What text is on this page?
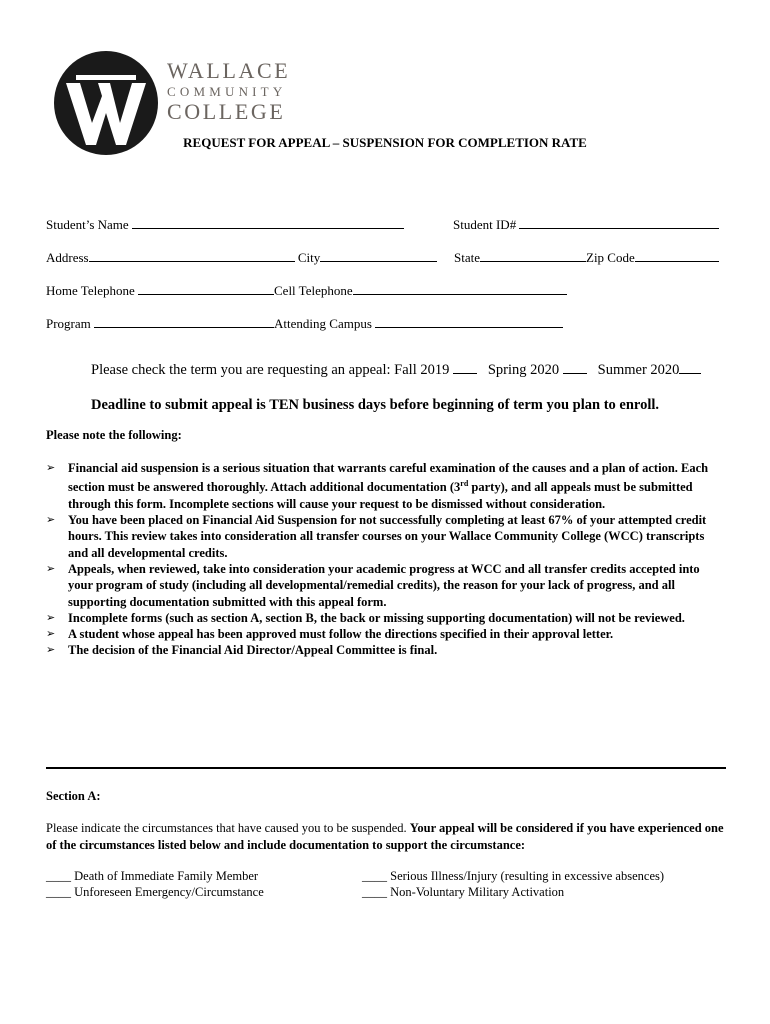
WALLACE
COMMUNITY
COLLEGE
REQUEST FOR APPEAL – SUSPENSION FOR COMPLETION RATE
Student’s Name	Student ID#
Address	City	State	Zip Code
Home Telephone	Cell Telephone
Program	Attending Campus
Please check the term you are requesting an appeal: Fall 2019	Spring 2020	Summer 2020
Deadline to submit appeal is TEN business days before beginning of term you plan to enroll.
Please note the following:
➢ Financial aid suspension is a serious situation that warrants careful examination of the causes and a plan of action. Each section must be answered thoroughly. Attach additional documentation (3rd party), and all appeals must be submitted through this form. Incomplete sections will cause your request to be dismissed without consideration.
➢ You have been placed on Financial Aid Suspension for not successfully completing at least 67% of your attempted credit hours. This review takes into consideration all transfer courses on your Wallace Community College (WCC) transcripts and all developmental credits.
➢ Appeals, when reviewed, take into consideration your academic progress at WCC and all transfer credits accepted into your program of study (including all developmental/remedial credits), the reason for your lack of progress, and all supporting documentation submitted with this appeal form.
➢ Incomplete forms (such as section A, section B, the back or missing supporting documentation) will not be reviewed.
➢ A student whose appeal has been approved must follow the directions specified in their approval letter.
➢ The decision of the Financial Aid Director/Appeal Committee is final.
Section A:
Please indicate the circumstances that have caused you to be suspended. Your appeal will be considered if you have experienced one of the circumstances listed below and include documentation to support the circumstance:
____ Death of Immediate Family Member	____ Serious Illness/Injury (resulting in excessive absences)
____ Unforeseen Emergency/Circumstance	____ Non-Voluntary Military Activation
